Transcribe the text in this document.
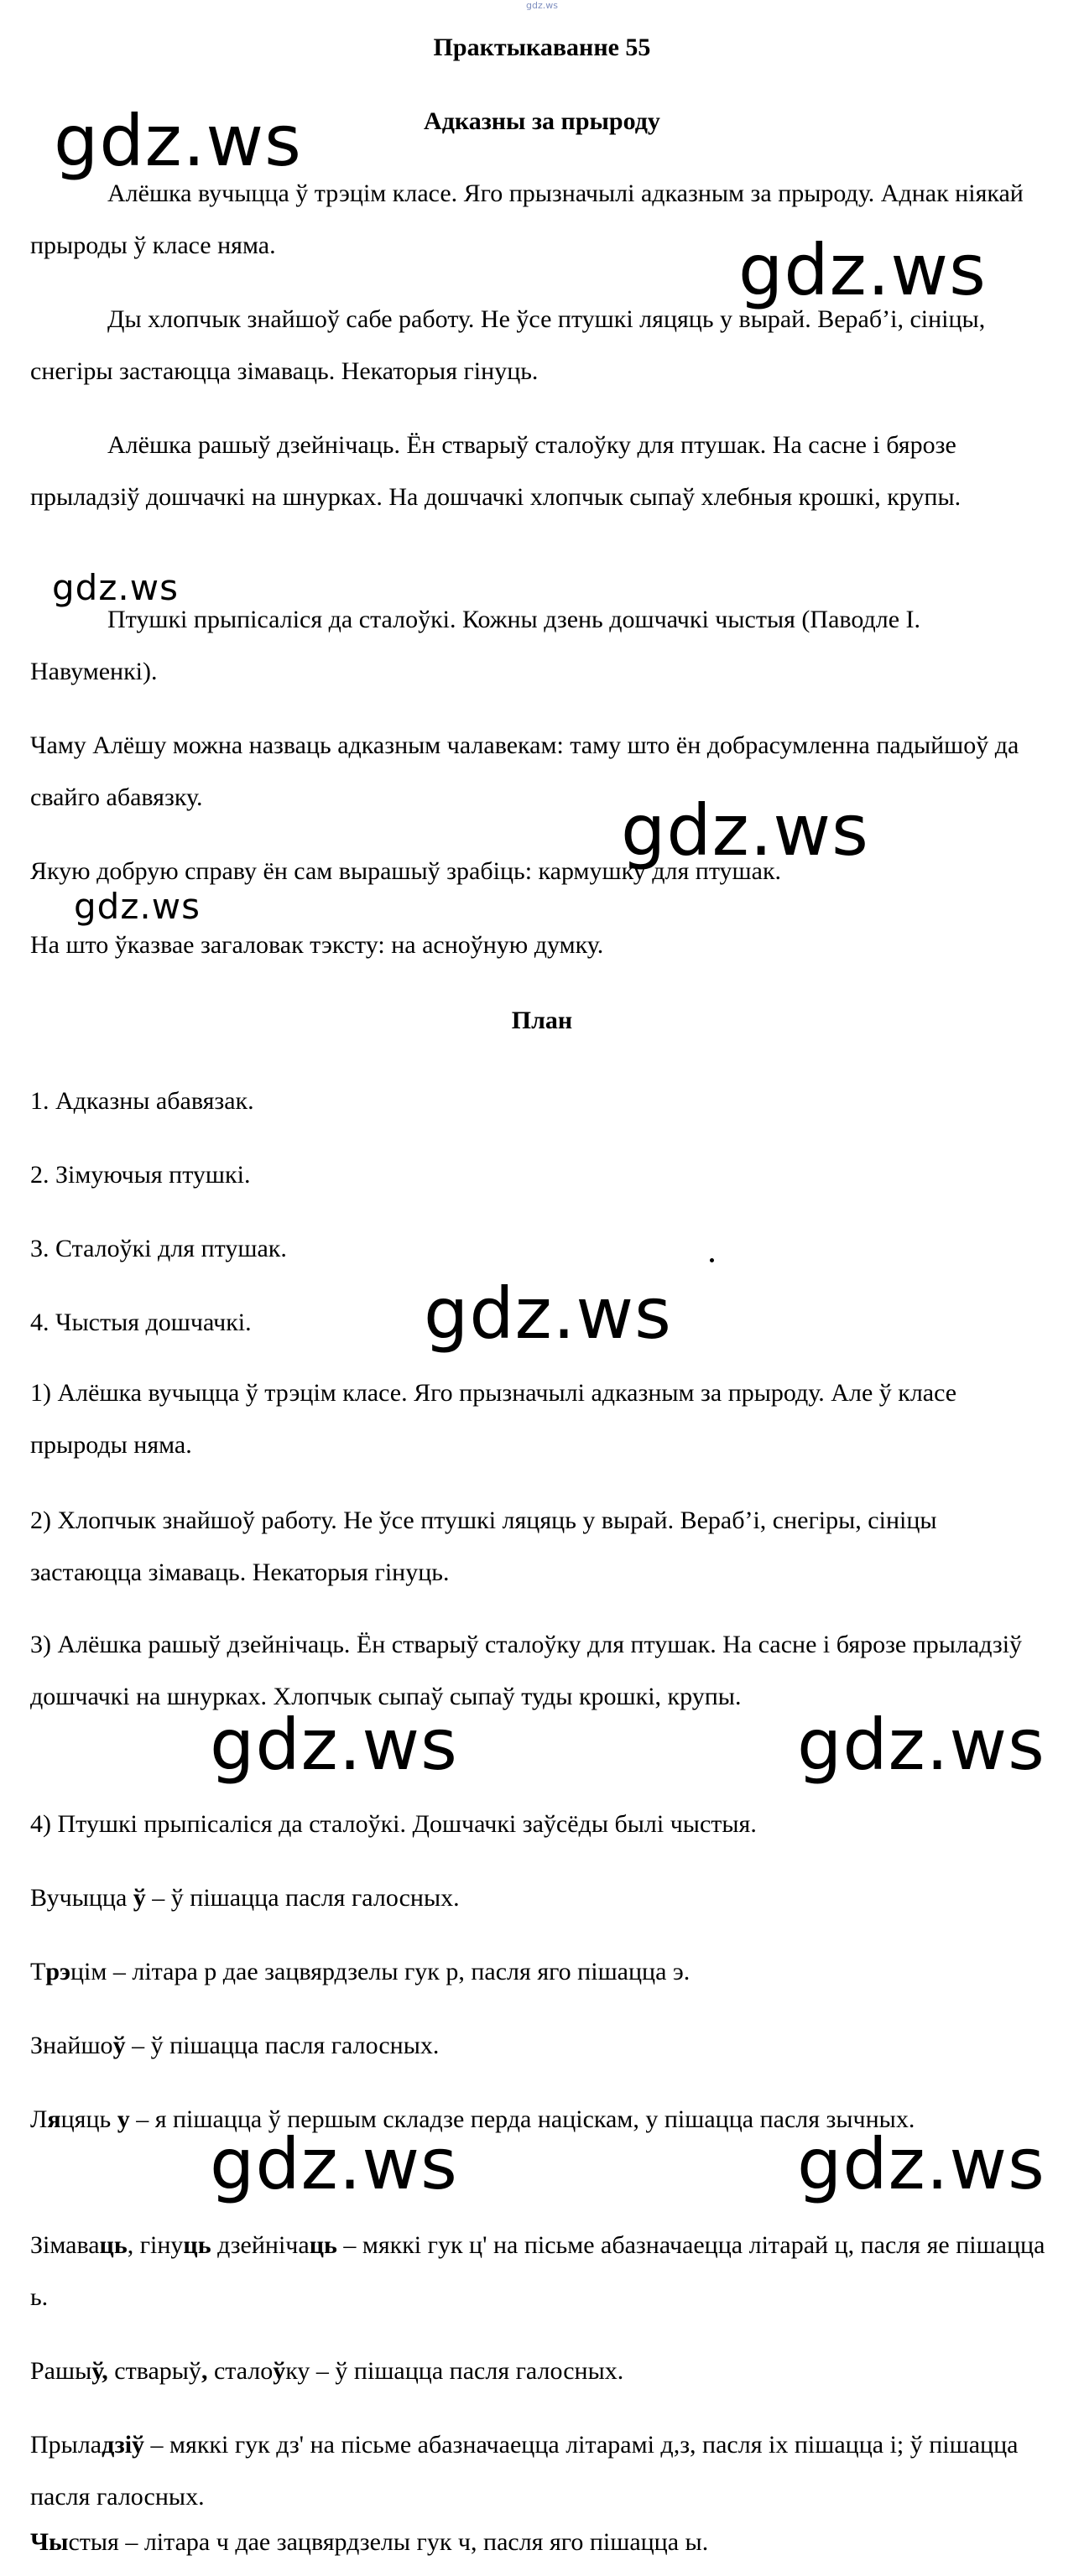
gdz.ws
Практыкаванне 55
Адказны за прыроду

Алёшка вучыцца ў трэцім класе. Яго прызначылі адказным за прыроду. Аднак ніякай прыроды ў класе няма.

Ды хлопчык знайшоў сабе работу. Не ўсе птушкі ляцяць у вырай. Вераб’і, сініцы, снегіры застаюцца зімаваць. Некаторыя гінуць.

Алёшка рашыў дзейнічаць. Ён стварыў сталоўку для птушак. На сасне і бярозе прыладзіў дошчачкі на шнурках. На дошчачкі хлопчык сыпаў хлебныя крошкі, крупы.

Птушкі прыпісаліся да сталоўкі. Кожны дзень дошчачкі чыстыя (Паводле І. Навуменкі).

Чаму Алёшу можна назваць адказным чалавекам: таму што ён добрасумленна падыйшоў да свайго абавязку.

Якую добрую справу ён сам вырашыў зрабіць: кармушку для птушак.

На што ўказвае загаловак тэксту: на асноўную думку.

План

1. Адказны абавязак.

2. Зімуючыя птушкі.

3. Сталоўкі для птушак.

4. Чыстыя дошчачкі.

1) Алёшка вучыцца ў трэцім класе. Яго прызначылі адказным за прыроду. Але ў класе прыроды няма.

2) Хлопчык знайшоў работу. Не ўсе птушкі ляцяць у вырай. Вераб’і, снегіры, сініцы застаюцца зімаваць. Некаторыя гінуць.

3) Алёшка рашыў дзейнічаць. Ён стварыў сталоўку для птушак. На сасне і бярозе прыладзіў дошчачкі на шнурках. Хлопчык сыпаў сыпаў туды крошкі, крупы.

4) Птушкі прыпісаліся да сталоўкі. Дошчачкі заўсёды былі чыстыя.

Вучыцца ў – ў пішацца пасля галосных.

Трэцім – літара р дае зацвярдзелы гук р, пасля яго пішацца э.

Знайшоў – ў пішацца пасля галосных.

Ляцяць у – я пішацца ў першым складзе перда націскам, у пішацца пасля зычных.

Зімаваць, гінуць дзейнічаць – мяккі гук ц' на пісьме абазначаецца літарай ц, пасля яе пішацца ь.

Рашыў, стварыў, сталоўку – ў пішацца пасля галосных.

Прыладзіў – мяккі гук дз' на пісьме абазначаецца літарамі д,з, пасля іх пішацца і; ў пішацца пасля галосных.

Чыстыя – літара ч дае зацвярдзелы гук ч, пасля яго пішацца ы.

gdz.ws
gdz.ws
gdz.ws
gdz.ws
gdz.ws
gdz.ws
gdz.ws	gdz.ws
gdz.ws	gdz.ws
